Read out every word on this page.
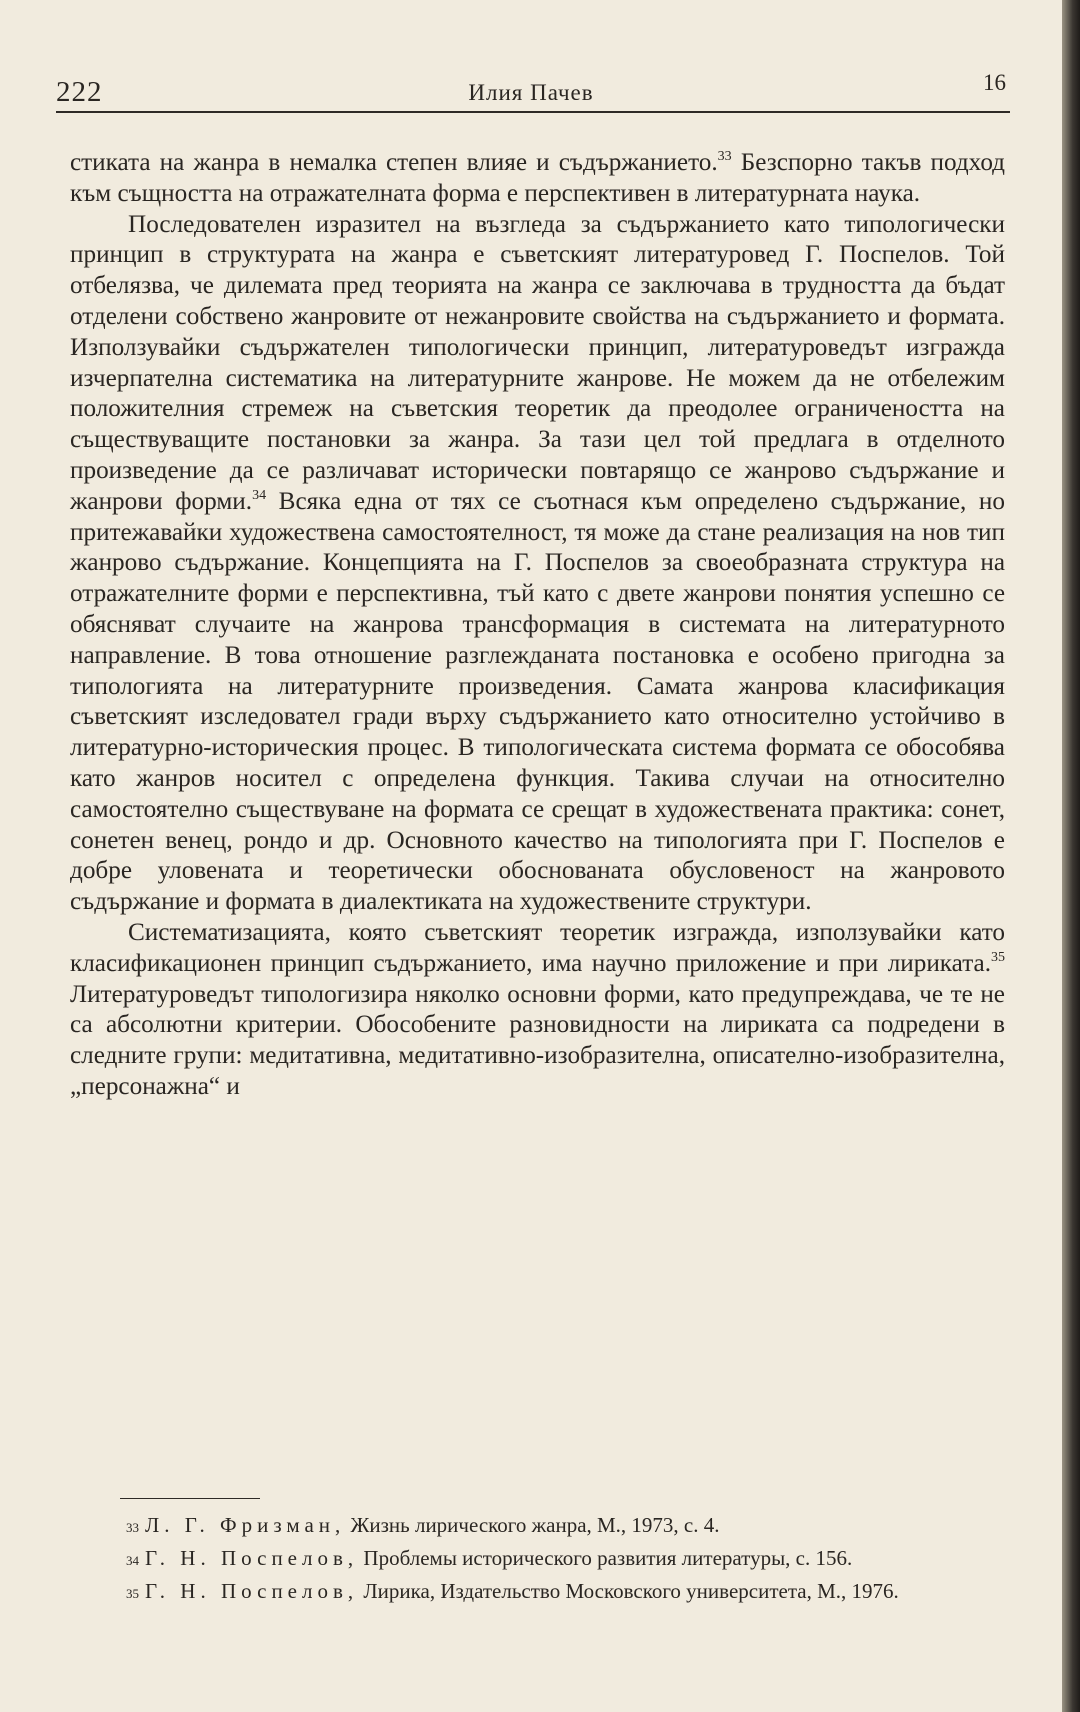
222	Илия Пачев	16

стиката на жанра в немалка степен влияе и съдържанието.$^{33}$ Безспорно такъв подход към същността на отражателната форма е перспективен в литературната наука.

Последователен изразител на възгледа за съдържанието като типологически принцип в структурата на жанра е съветският литературовед Г. Поспелов. Той отбелязва, че дилемата пред теорията на жанра се заключава в трудността да бъдат отделени собствено жанровите от нежанровите свойства на съдържанието и формата. Използувайки съдържателен типологически принцип, литературоведът изгражда изчерпателна систематика на литературните жанрове. Не можем да не отбележим положителния стремеж на съветския теоретик да преодолее ограничеността на съществуващите постановки за жанра. За тази цел той предлага в отделното произведение да се различават исторически повтарящо се жанрово съдържание и жанрови форми.$^{34}$ Всяка една от тях се съотнася към определено съдържание, но притежавайки художествена самостоятелност, тя може да стане реализация на нов тип жанрово съдържание. Концепцията на Г. Поспелов за своеобразната структура на отражателните форми е перспективна, тъй като с двете жанрови понятия успешно се обясняват случаите на жанрова трансформация в системата на литературното направление. В това отношение разглежданата постановка е особено пригодна за типологията на литературните произведения. Самата жанрова класификация съветският изследовател гради върху съдържанието като относително устойчиво в литературно-историческия процес. В типологическата система формата се обособява като жанров носител с определена функция. Такива случаи на относително самостоятелно съществуване на формата се срещат в художествената практика: сонет, сонетен венец, рондо и др. Основното качество на типологията при Г. Поспелов е добре уловената и теоретически обоснованата обусловеност на жанровото съдържание и формата в диалектиката на художествените структури.

Систематизацията, която съветският теоретик изгражда, използувайки като класификационен принцип съдържанието, има научно приложение и при лириката.$^{35}$ Литературоведът типологизира няколко основни форми, като предупреждава, че те не са абсолютни критерии. Обособените разновидности на лириката са подредени в следните групи: медитативна, медитативно-изобразителна, описателно-изобразителна, „персонажна“ и

33 Л. Г. Фризман, Жизнь лирического жанра, М., 1973, с. 4.

34 Г. Н. Поспелов, Проблемы исторического развития литературы, с. 156.

35 Г. Н. Поспелов, Лирика, Издательство Московского университета, М., 1976.
